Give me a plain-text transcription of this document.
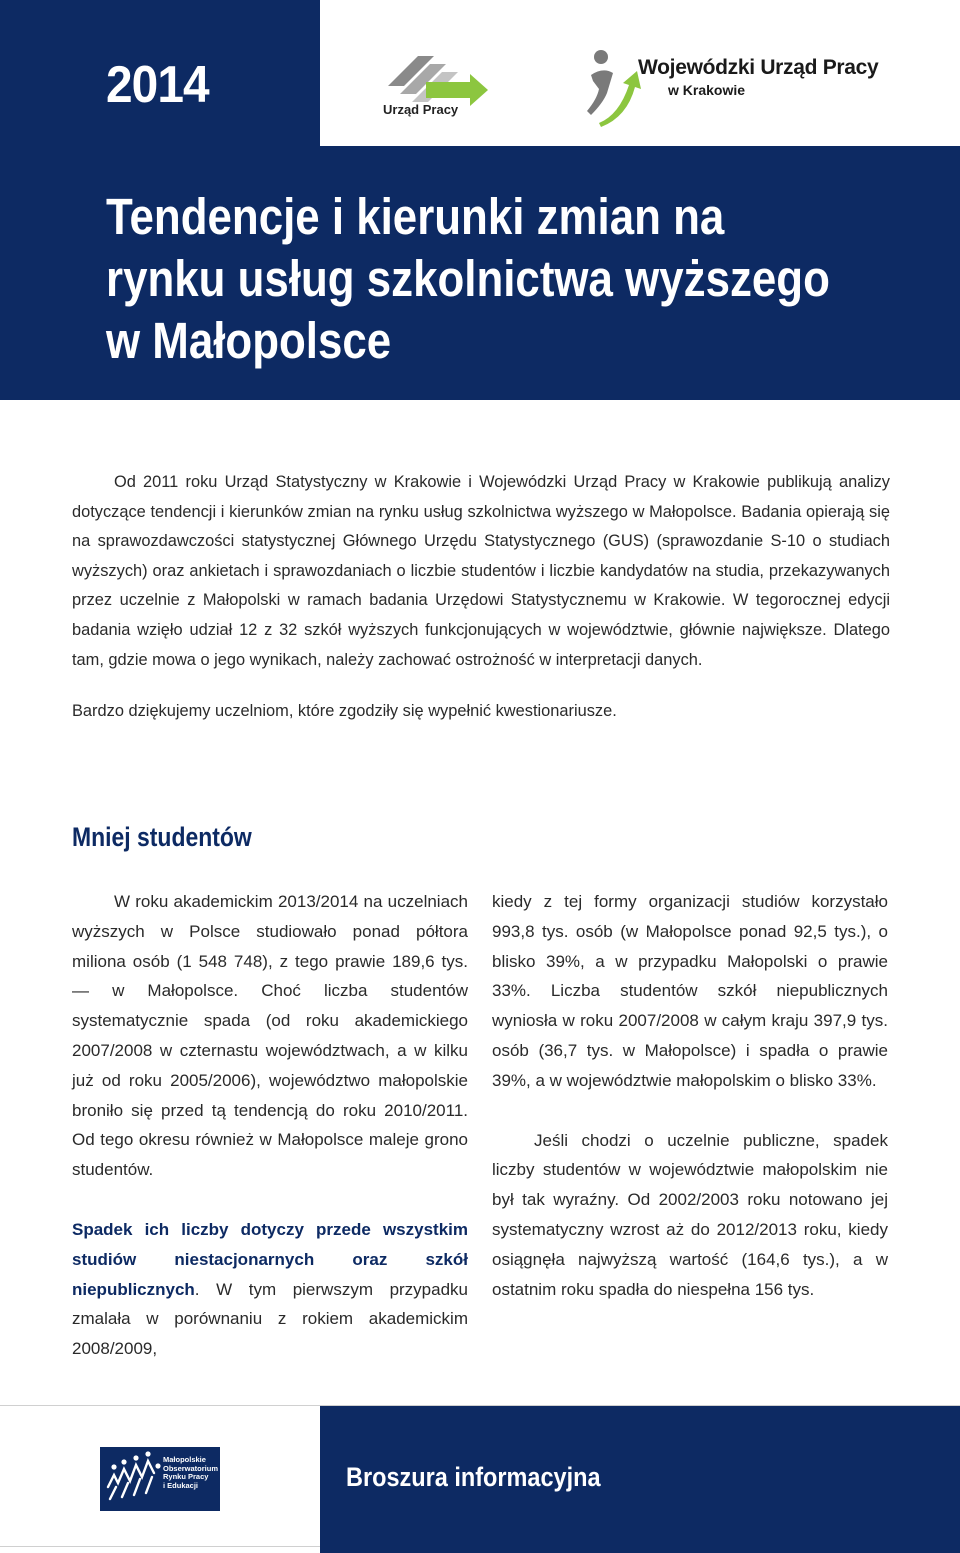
2014
Tendencje i kierunki zmian na
rynku usług szkolnictwa wyższego
w Małopolsce
Urząd Pracy
Wojewódzki Urząd Pracy
w Krakowie

Od 2011 roku Urząd Statystyczny w Krakowie i Wojewódzki Urząd Pracy w Krakowie publikują analizy dotyczące tendencji i kierunków zmian na rynku usług szkolnictwa wyższego w Małopolsce. Badania opierają się na sprawozdawczości statystycznej Głównego Urzędu Statystycznego (GUS) (sprawozdanie S-10 o studiach wyższych) oraz ankietach i sprawozdaniach o liczbie studentów i liczbie kandydatów na studia, przekazywanych przez uczelnie z Małopolski w ramach badania Urzędowi Statystycznemu w Krakowie. W tegorocznej edycji badania wzięło udział 12 z 32 szkół wyższych funkcjonujących w województwie, głównie największe. Dlatego tam, gdzie mowa o jego wynikach, należy zachować ostrożność w interpretacji danych.

Bardzo dziękujemy uczelniom, które zgodziły się wypełnić kwestionariusze.

Mniej studentów

W roku akademickim 2013/2014 na uczelniach wyższych w Polsce studiowało ponad półtora miliona osób (1 548 748), z tego prawie 189,6 tys. — w Małopolsce. Choć liczba studentów systematycznie spada (od roku akademickiego 2007/2008 w czternastu województwach, a w kilku już od roku 2005/2006), województwo małopolskie broniło się przed tą tendencją do roku 2010/2011. Od tego okresu również w Małopolsce maleje grono studentów.

Spadek ich liczby dotyczy przede wszystkim studiów niestacjonarnych oraz szkół niepublicznych. W tym pierwszym przypadku zmalała w porównaniu z rokiem akademickim 2008/2009,

kiedy z tej formy organizacji studiów korzystało 993,8 tys. osób (w Małopolsce ponad 92,5 tys.), o blisko 39%, a w przypadku Małopolski o prawie 33%. Liczba studentów szkół niepublicznych wyniosła w roku 2007/2008 w całym kraju 397,9 tys. osób (36,7 tys. w Małopolsce) i spadła o prawie 39%, a w województwie małopolskim o blisko 33%.

Jeśli chodzi o uczelnie publiczne, spadek liczby studentów w województwie małopolskim nie był tak wyraźny. Od 2002/2003 roku notowano jej systematyczny wzrost aż do 2012/2013 roku, kiedy osiągnęła najwyższą wartość (164,6 tys.), a w ostatnim roku spadła do niespełna 156 tys.

Małopolskie
Obserwatorium
Rynku Pracy
i Edukacji	Broszura informacyjna
